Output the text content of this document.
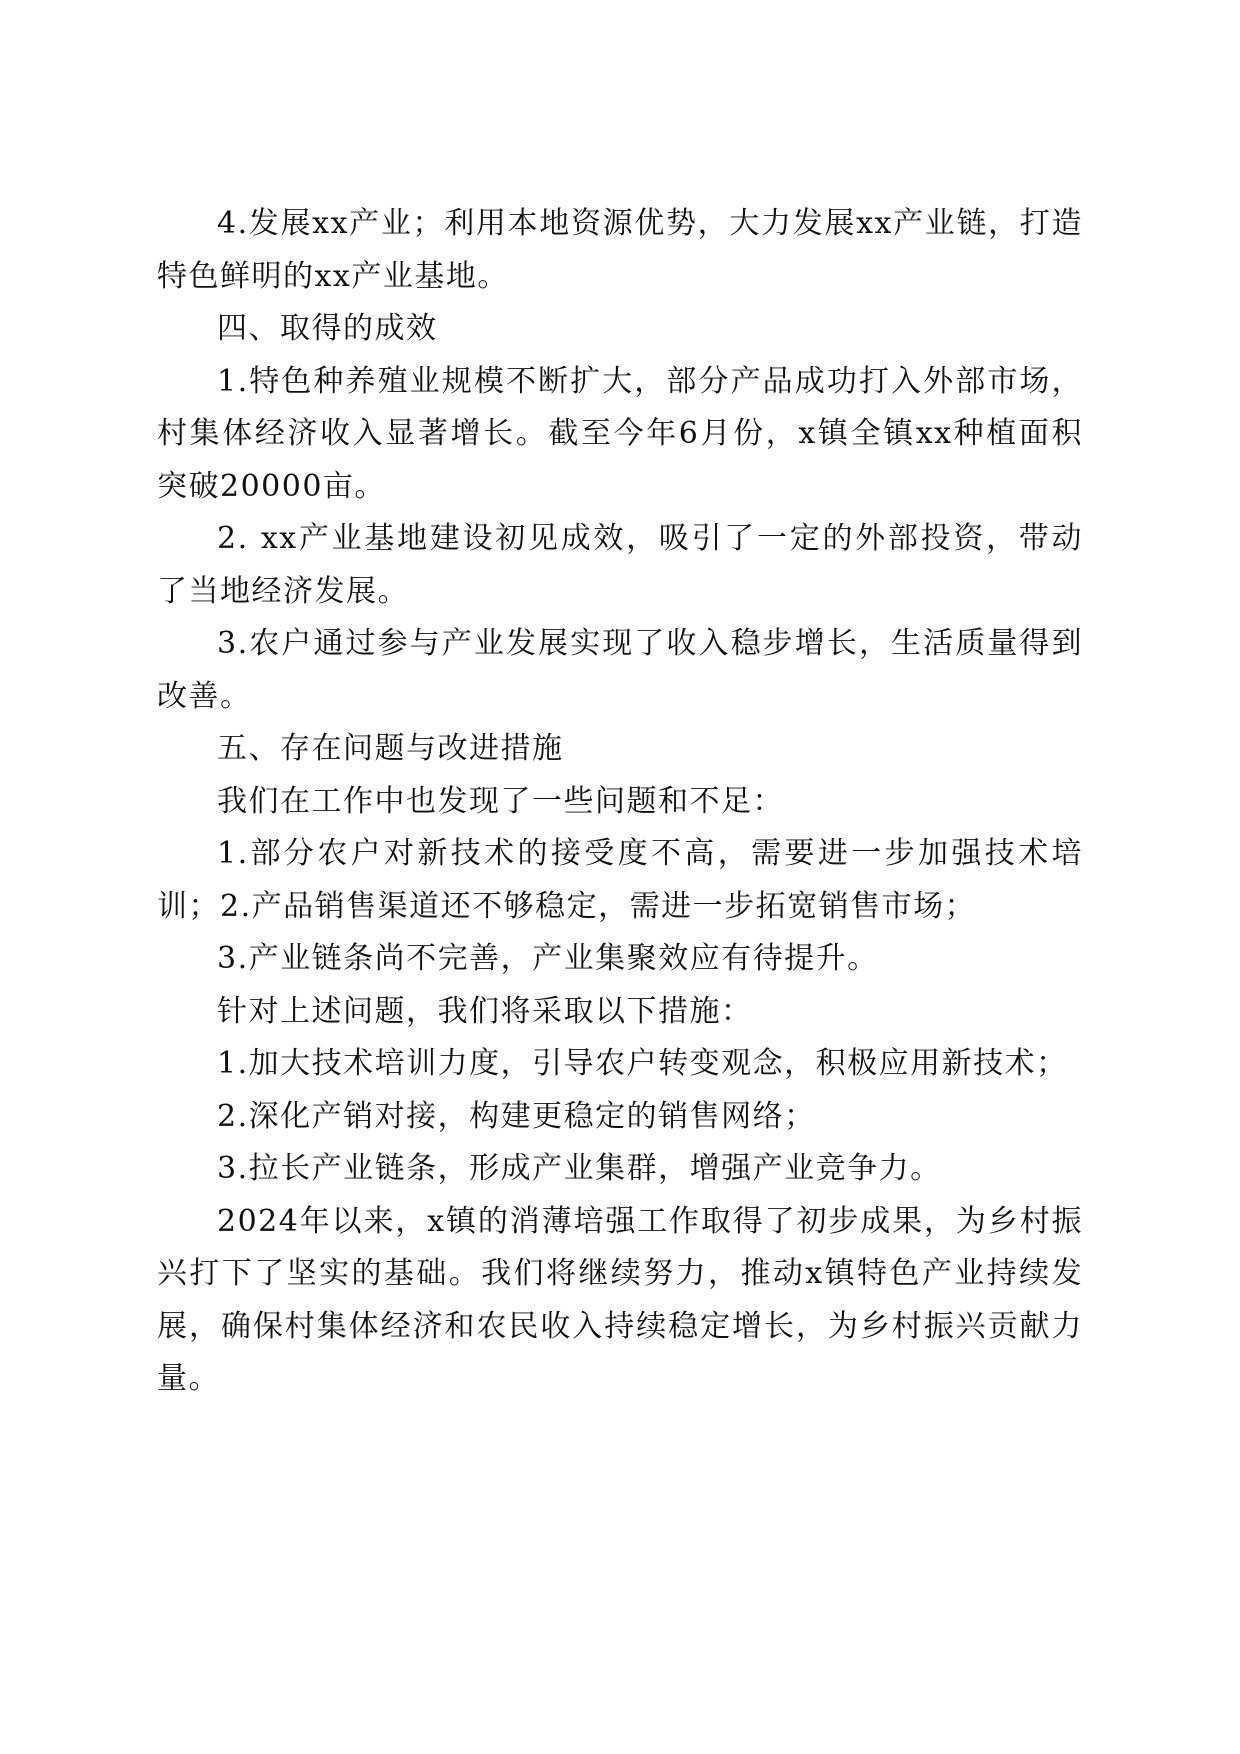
4.发展xx产业；利用本地资源优势，大力发展xx产业链，打造特色鲜明的xx产业基地。

四、取得的成效

1.特色种养殖业规模不断扩大，部分产品成功打入外部市场，村集体经济收入显著增长。截至今年6月份，x镇全镇xx种植面积突破20000亩。

2. xx产业基地建设初见成效，吸引了一定的外部投资，带动了当地经济发展。

3.农户通过参与产业发展实现了收入稳步增长，生活质量得到改善。

五、存在问题与改进措施

我们在工作中也发现了一些问题和不足：

1.部分农户对新技术的接受度不高，需要进一步加强技术培训；2.产品销售渠道还不够稳定，需进一步拓宽销售市场；

3.产业链条尚不完善，产业集聚效应有待提升。

针对上述问题，我们将采取以下措施：

1.加大技术培训力度，引导农户转变观念，积极应用新技术；

2.深化产销对接，构建更稳定的销售网络；

3.拉长产业链条，形成产业集群，增强产业竞争力。

2024年以来，x镇的消薄培强工作取得了初步成果，为乡村振兴打下了坚实的基础。我们将继续努力，推动x镇特色产业持续发展，确保村集体经济和农民收入持续稳定增长，为乡村振兴贡献力量。
